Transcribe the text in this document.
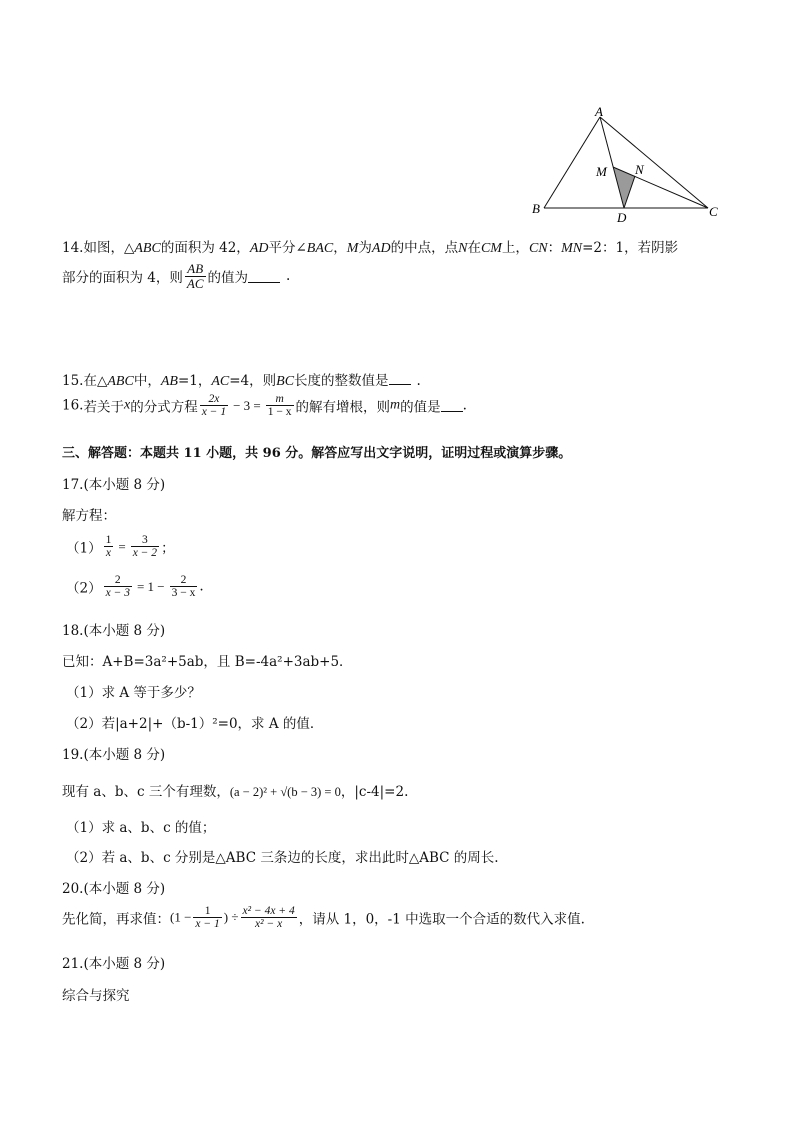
A
B	C
D
M N
14.如图，△ABC的面积为 42，AD平分∠BAC，M为AD的中点，点N在CM上，CN：MN=2：1，若阴影
部分的面积为 4，则 $\frac{AB}{AC}$ 的值为	.
15.在△ABC中，AB=1，AC=4，则BC长度的整数值是 .
16.若关于x的分式方程 $\frac{2x}{x - 1} - 3 = \frac{m}{1 - x}$ 的解有增根，则m的值是 .
三、解答题：本题共 11 小题，共 96 分。解答应写出文字说明，证明过程或演算步骤。
17.(本小题 8 分)
解方程：
$(1) \frac{1}{x} = \frac{3}{x - 2}$ ；
$(2) \frac{2}{x - 3} = 1 - \frac{2}{3 - x}$ .
18.(本小题 8 分)
已知：A+B=3a²+5ab，且 B=-4a²+3ab+5．
（1）求 A 等于多少？
（2）若|a+2|+（b-1）²=0，求 A 的值．
19.(本小题 8 分)
现有 a、b、c 三个有理数，(a − 2)² + √(b − 3) = 0，|c-4|=2.
（1）求 a、b、c 的值；
（2）若 a、b、c 分别是△ABC 三条边的长度，求出此时△ABC 的周长.
20.(本小题 8 分)
先化简，再求值：($1 - \frac{1}{x - 1}$ ) ÷ $\frac{\text{x² − 4x + 4}}{\text{x² − x}}$ ，请从 1，0，-1 中选取一个合适的数代入求值.
21.(本小题 8 分)
综合与探究
